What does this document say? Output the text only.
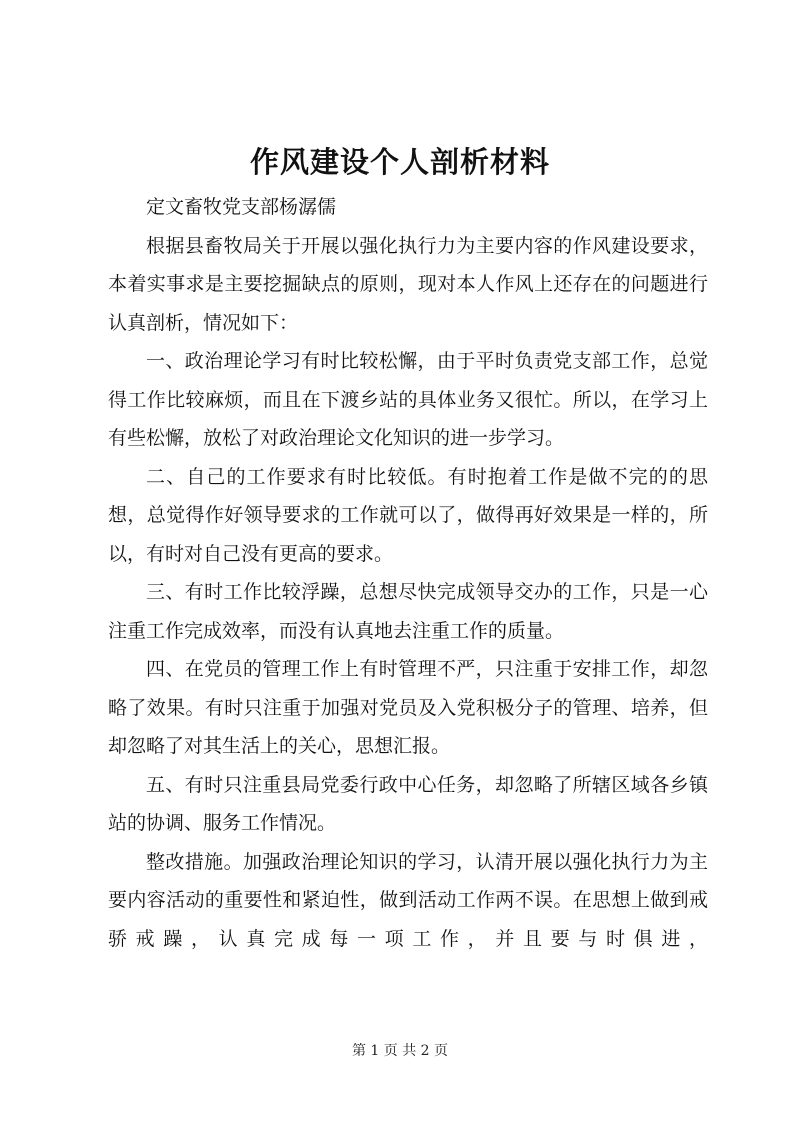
作风建设个人剖析材料

定文畜牧党支部杨潺儒

根据县畜牧局关于开展以强化执行力为主要内容的作风建设要求，本着实事求是主要挖掘缺点的原则，现对本人作风上还存在的问题进行认真剖析，情况如下：

一、政治理论学习有时比较松懈，由于平时负责党支部工作，总觉得工作比较麻烦，而且在下渡乡站的具体业务又很忙。所以，在学习上有些松懈，放松了对政治理论文化知识的进一步学习。

二、自己的工作要求有时比较低。有时抱着工作是做不完的的思想，总觉得作好领导要求的工作就可以了，做得再好效果是一样的，所以，有时对自己没有更高的要求。

三、有时工作比较浮躁，总想尽快完成领导交办的工作，只是一心注重工作完成效率，而没有认真地去注重工作的质量。

四、在党员的管理工作上有时管理不严，只注重于安排工作，却忽略了效果。有时只注重于加强对党员及入党积极分子的管理、培养，但却忽略了对其生活上的关心，思想汇报。

五、有时只注重县局党委行政中心任务，却忽略了所辖区域各乡镇站的协调、服务工作情况。

整改措施。加强政治理论知识的学习，认清开展以强化执行力为主要内容活动的重要性和紧迫性，做到活动工作两不误。在思想上做到戒骄戒躁，认真完成每一项工作，并且要与时俱进，

第 1 页 共 2 页
